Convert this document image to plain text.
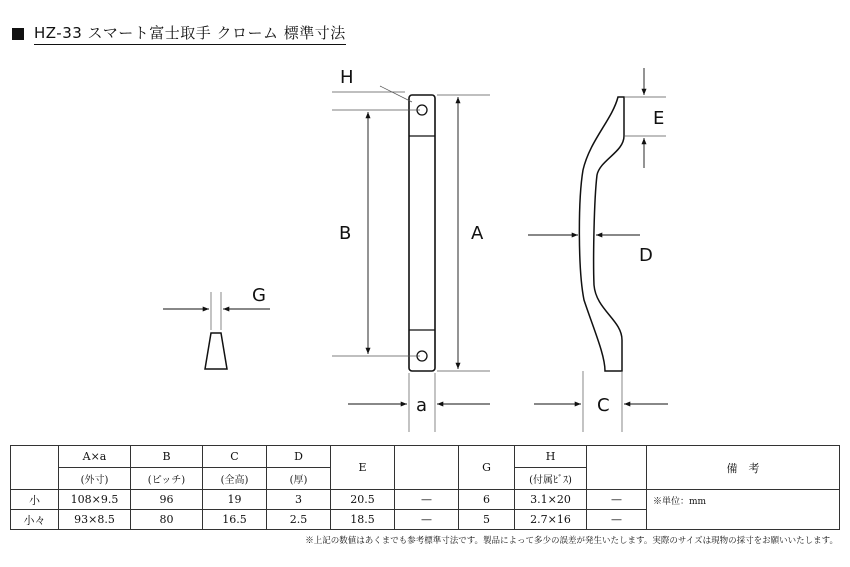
HZ-33 スマート富士取手 クローム 標準寸法
H
B	A
a
E
D
C
G
	A×a	B	C	D	E		G	H		備　考
	(外寸)	(ピッチ)	(全高)	(厚)				(付属ﾋﾞｽ)		
小	108×9.5	96	19	3	20.5	—	6	3.1×20	—	※単位：mm
小々	93×8.5	80	16.5	2.5	18.5	—	5	2.7×16	—	
※上記の数値はあくまでも参考標準寸法です。製品によって多少の誤差が発生いたします。実際のサイズは現物の採寸をお願いいたします。
